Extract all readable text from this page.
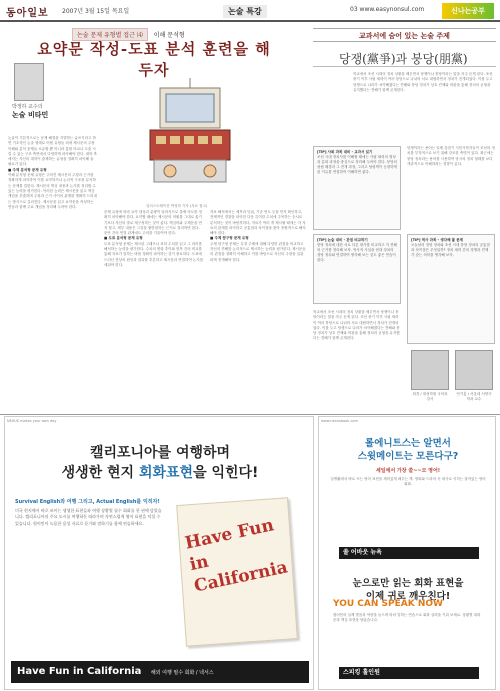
동아일보 2007년 3월 15일 목요일	논술 특강	03 www.easynonsul.com	신나는공부
논술 문제 유형별 접근 ⑷	이해 문석형
요약문 작성-도표 분석 훈련을 해두자
박정하 교수의
논술 비타민
논술이 기본적으로는 문제 해결을 지향하는 글쓰기라고 하면 기초적인 논술 형태로 어떤 유형들 외에 제시문의 주장 이해와 분석 문제들 소유할 뿐 아니라 통합 비교나 도출 시킬 수 있는 구조 측면에서 다양하게 파악해야 한다. 대학 측에서는 자신의 대학이 출제하는 유형을 정확히 파악해 둘 필요가 있다.
■ 주제 분석형 문제 유형
이해 분석형 문제 유형은 주어진 제시문의 주장과 근거를 정확하게 파악하여 이를 요약하거나 논리적 구조를 분석하는 문제를 말한다. 제시문의 핵심 내용과 논지를 정리할 수 있는 능력을 평가한다. 이러한 능력은 제시문을 읽고 핵심 개념을 추출하며 주장과 근거 사이의 관계를 명확히 드러내는 방식으로 길러진다. 제시문을 읽고 요약문을 작성하는 연습과 함께 주요 개념을 정리해 두어야 한다.	일러스트레이션 박정하 기자 (자료 참고)
문제 유형에 따라 요약 대상과 분량이 달라지므로 출제 의도를 정확히 파악해야 한다. 요약할 때에는 제시문의 어휘를 그대로 옮기기보다 자신의 말로 재구성하는 것이 좋다. 핵심어와 주제문을 먼저 찾고, 세부 내용은 그것을 뒷받침하는 근거로 정리하면 된다. 문단 간의 연결 관계에도 주의를 기울여야 한다.
■ 도표 분석형 문제 유형
도표 분석형 문제는 제시된 그래프나 표의 수치를 읽고 그 의미를 해석하는 능력을 평가한다. 수치의 변화 추이와 항목 간의 비교를 통해 자료가 말하는 바를 정확히 파악하는 것이 중요하다. 도표에 드러난 현상의 원인과 결과를 추론하고 제시문과 연결하여 논지를 세워야 한다.
자료 해석에서는 제목과 단위, 기준 연도 등을 먼저 확인하고, 전체적인 경향을 파악한 다음 특이한 수치에 주목하는 순서로 분석하는 것이 바람직하다. 자료가 여러 개 제시될 때에는 각 자료의 관계를 파악하고 공통점과 차이점을 찾아 종합적으로 해석해야 한다.
■ 주제 탐구형 문제 유형
주제 탐구형 문제는 특정 주제에 대해 다양한 관점을 비교하고 자신의 견해를 논리적으로 제시하는 능력을 평가한다. 제시문들의 관점을 정확히 이해하고 이를 바탕으로 자신의 주장을 일관되게 전개해야 한다.
교과서에 숨어 있는 논술 주제
당쟁(黨爭)과 붕당(朋黨)
학교에서 조선 시대의 정치 상황을 배우면서 당쟁이나 붕당이라는 말을 자주 듣게 된다. 조선 중기 이후 사림 세력이 여러 붕당으로 나뉘어 서로 대립하면서 정치가 전개되었다. 이를 두고 당쟁으로 나라가 쇠약해졌다는 견해와 붕당 정치가 상호 견제와 비판을 통해 정치의 균형을 유지했다는 견해가 함께 존재한다.
[TIP] 사회 과목 대비 - 교과서 읽기
조선 시대 정치사를 이해할 때에는 사림 세력의 형성과 분화 과정을 중심으로 정리해 두어야 한다. 붕당의 성립 배경과 그 전개 과정, 그리고 탕평책이 등장하게 된 이유를 연결하여 이해하면 좋다.
[TIP] 논술 대비 - 관점 비교하기
붕당 정치에 대한 서로 다른 평가를 비교하고 각 견해의 근거를 정리해 보자. 역사적 사실을 현대 정치의 정당 정치와 연결하여 생각해 보는 것도 좋은 연습이 된다.
당쟁이라는 용어는 일제 강점기 식민사학자들이 조선의 정치를 부정적으로 보기 위해 강조한 측면이 있다. 최근에는 붕당 정치라는 용어를 사용하여 당시의 정치 형태를 보다 객관적으로 이해하려는 경향이 있다.
[TIP] 역사 과목 - 생각해 볼 문제
오늘날의 정당 정치와 조선 시대 붕당 정치의 공통점과 차이점은 무엇일까? 정치 세력 간의 경쟁과 견제가 갖는 의미를 생각해 보자.
학교에서 조선 시대의 정치 상황을 배우면서 당쟁이나 붕당이라는 말을 자주 듣게 된다. 조선 중기 이후 사림 세력이 여러 붕당으로 나뉘어 서로 대립하면서 정치가 전개되었다. 이를 두고 당쟁으로 나라가 쇠약해졌다는 견해와 붕당 정치가 상호 견제와 비판을 통해 정치의 균형을 유지했다는 견해가 함께 존재한다.
최경 / 대성학원 국어과 강사
안기홍 / 서울대 서양사학과 교수
NEXUS makes your own day
캘리포니아를 여행하며
생생한 현지 회화표현을 익힌다!
Survival English와 여행 그리고, Actual English를 익히자!
미국 현지에서 바로 쓰이는 생생한 표현들과 여행 상황별 필수 회화를 한 권에 담았습니다. 캘리포니아의 주요 도시를 여행하듯 따라가며 자연스럽게 영어 표현을 익힐 수 있습니다. 원어민이 녹음한 음성 자료로 듣기와 말하기를 함께 연습하세요.	Have Fun in California
Have Fun in California 해외 여행 필수 회화 / 넥서스
www.nexusbook.com
롤에니트스는 알면서
스윗메이트는 모른다구?
세일에서 가장 쓸~~모 영어!
실생활에서 바로 쓰는 영어 표현을 재미있게 배우는 책. 영화와 드라마 속 대사로 익히는 살아있는 영어 회화.
쏠 어바웃 뉴욕
눈으로만 읽는 회화 표현을
이제 귀로 깨우친다!
YOU CAN SPEAK NOW
원어민의 실제 발음과 억양을 들으며 따라 말하는 연습으로 회화 실력을 키워 보세요. 상황별 대화문과 핵심 표현을 담았습니다.
스피킹 홀인원
